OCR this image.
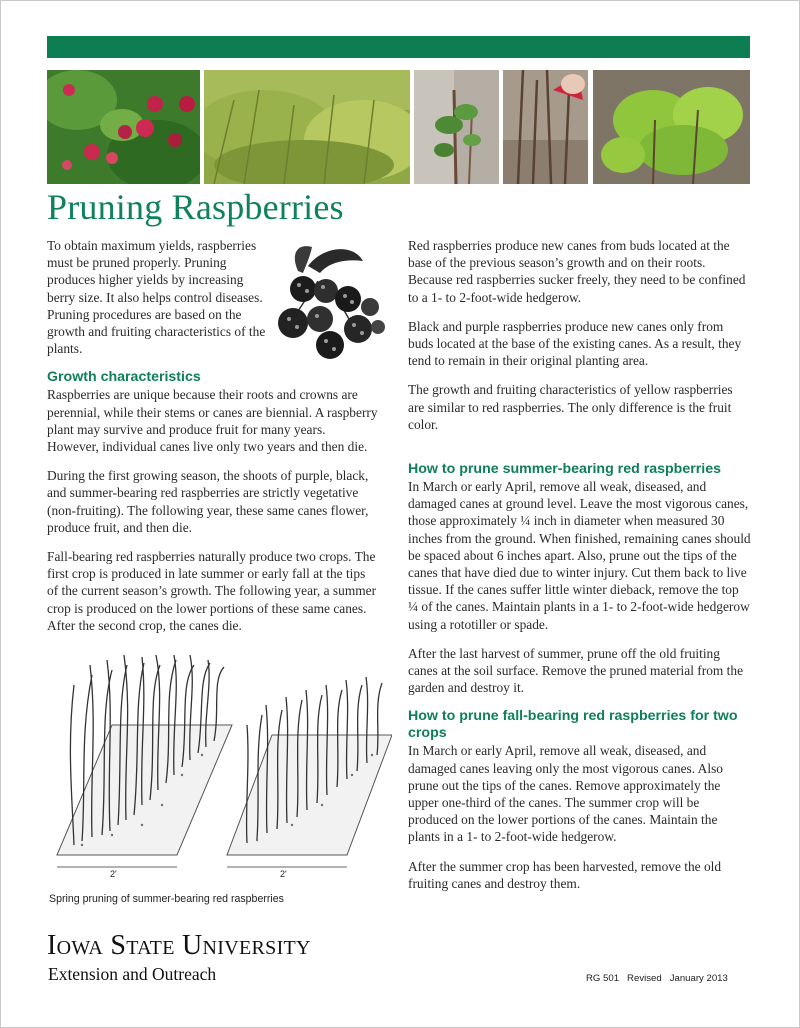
Pruning Raspberries

To obtain maximum yields, raspberries must be pruned properly. Pruning produces higher yields by increasing berry size. It also helps control diseases. Pruning procedures are based on the growth and fruiting characteristics of the plants.

Growth characteristics

Raspberries are unique because their roots and crowns are perennial, while their stems or canes are biennial. A raspberry plant may survive and produce fruit for many years. However, individual canes live only two years and then die.

During the first growing season, the shoots of purple, black, and summer-bearing red raspberries are strictly vegetative (non-fruiting). The following year, these same canes flower, produce fruit, and then die.

Fall-bearing red raspberries naturally produce two crops. The first crop is produced in late summer or early fall at the tips of the current season’s growth. The following year, a summer crop is produced on the lower portions of these same canes. After the second crop, the canes die.

2'	2'
Spring pruning of summer-bearing red raspberries

Red raspberries produce new canes from buds located at the base of the previous season’s growth and on their roots. Because red raspberries sucker freely, they need to be confined to a 1- to 2-foot-wide hedgerow.

Black and purple raspberries produce new canes only from buds located at the base of the existing canes. As a result, they tend to remain in their original planting area.

The growth and fruiting characteristics of yellow raspberries are similar to red raspberries. The only difference is the fruit color.

How to prune summer-bearing red raspberries

In March or early April, remove all weak, diseased, and damaged canes at ground level. Leave the most vigorous canes, those approximately ¼ inch in diameter when measured 30 inches from the ground. When finished, remaining canes should be spaced about 6 inches apart. Also, prune out the tips of the canes that have died due to winter injury. Cut them back to live tissue. If the canes suffer little winter dieback, remove the top ¼ of the canes. Maintain plants in a 1- to 2-foot-wide hedgerow using a rototiller or spade.

After the last harvest of summer, prune off the old fruiting canes at the soil surface. Remove the pruned material from the garden and destroy it.

How to prune fall-bearing red raspberries for two crops

In March or early April, remove all weak, diseased, and damaged canes leaving only the most vigorous canes. Also prune out the tips of the canes. Remove approximately the upper one-third of the canes. The summer crop will be produced on the lower portions of the canes. Maintain the plants in a 1- to 2-foot-wide hedgerow.

After the summer crop has been harvested, remove the old fruiting canes and destroy them.

Iowa State University
Extension and Outreach	RG 501   Revised   January 2013
